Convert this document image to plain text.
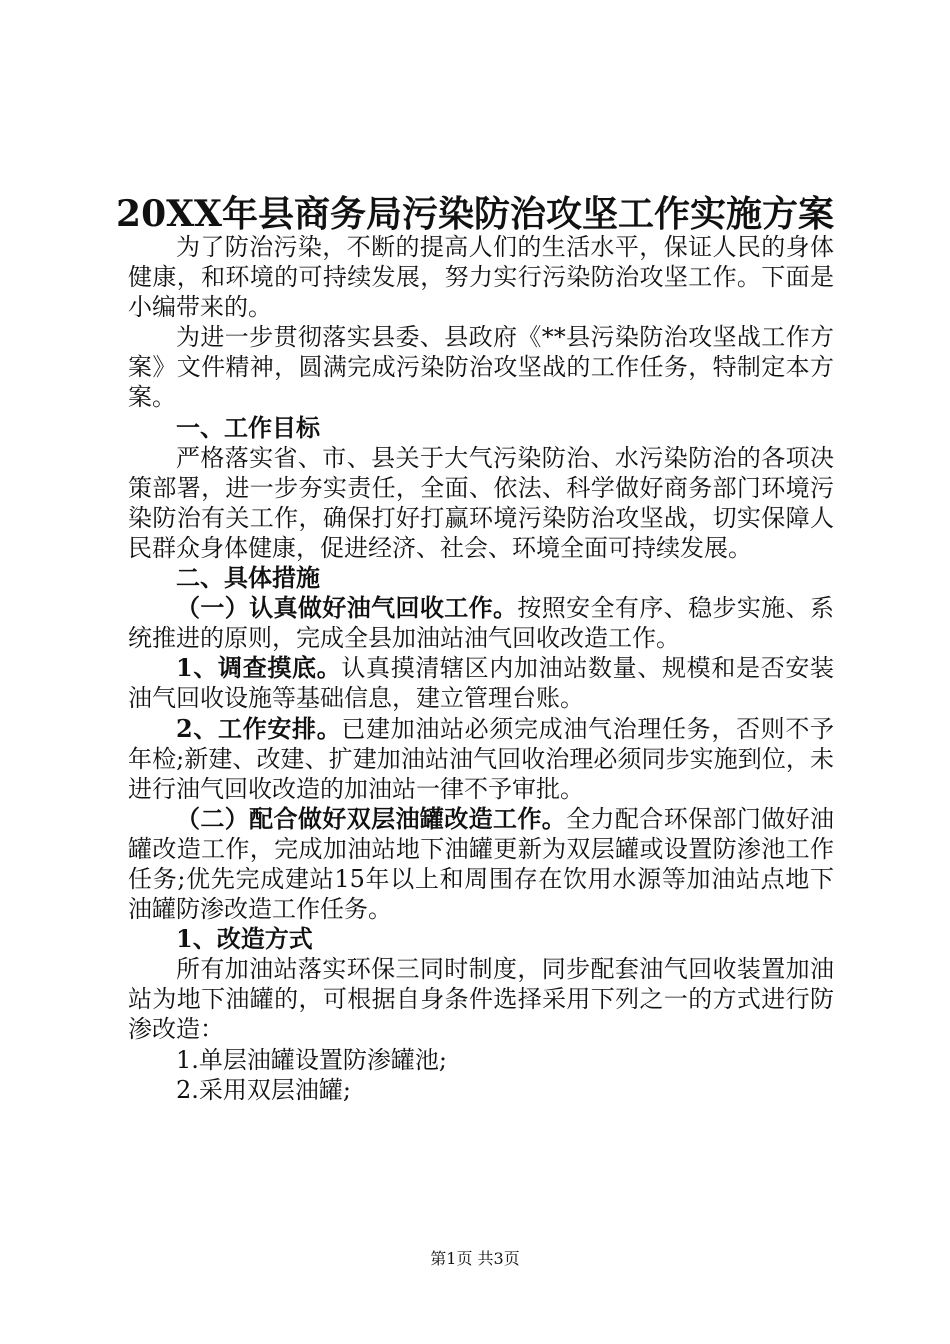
20XX年县商务局污染防治攻坚工作实施方案

为了防治污染，不断的提高人们的生活水平，保证人民的身体健康，和环境的可持续发展，努力实行污染防治攻坚工作。下面是小编带来的。

为进一步贯彻落实县委、县政府《**县污染防治攻坚战工作方案》文件精神，圆满完成污染防治攻坚战的工作任务，特制定本方案。

一、工作目标

严格落实省、市、县关于大气污染防治、水污染防治的各项决策部署，进一步夯实责任，全面、依法、科学做好商务部门环境污染防治有关工作，确保打好打赢环境污染防治攻坚战，切实保障人民群众身体健康，促进经济、社会、环境全面可持续发展。

二、具体措施

（一）认真做好油气回收工作。按照安全有序、稳步实施、系统推进的原则，完成全县加油站油气回收改造工作。

1、调查摸底。认真摸清辖区内加油站数量、规模和是否安装油气回收设施等基础信息，建立管理台账。

2、工作安排。已建加油站必须完成油气治理任务，否则不予年检;新建、改建、扩建加油站油气回收治理必须同步实施到位，未进行油气回收改造的加油站一律不予审批。

（二）配合做好双层油罐改造工作。全力配合环保部门做好油罐改造工作，完成加油站地下油罐更新为双层罐或设置防渗池工作任务;优先完成建站15年以上和周围存在饮用水源等加油站点地下油罐防渗改造工作任务。

1、改造方式

所有加油站落实环保三同时制度，同步配套油气回收装置加油站为地下油罐的，可根据自身条件选择采用下列之一的方式进行防渗改造：

1.单层油罐设置防渗罐池;

2.采用双层油罐;

第1页 共3页
